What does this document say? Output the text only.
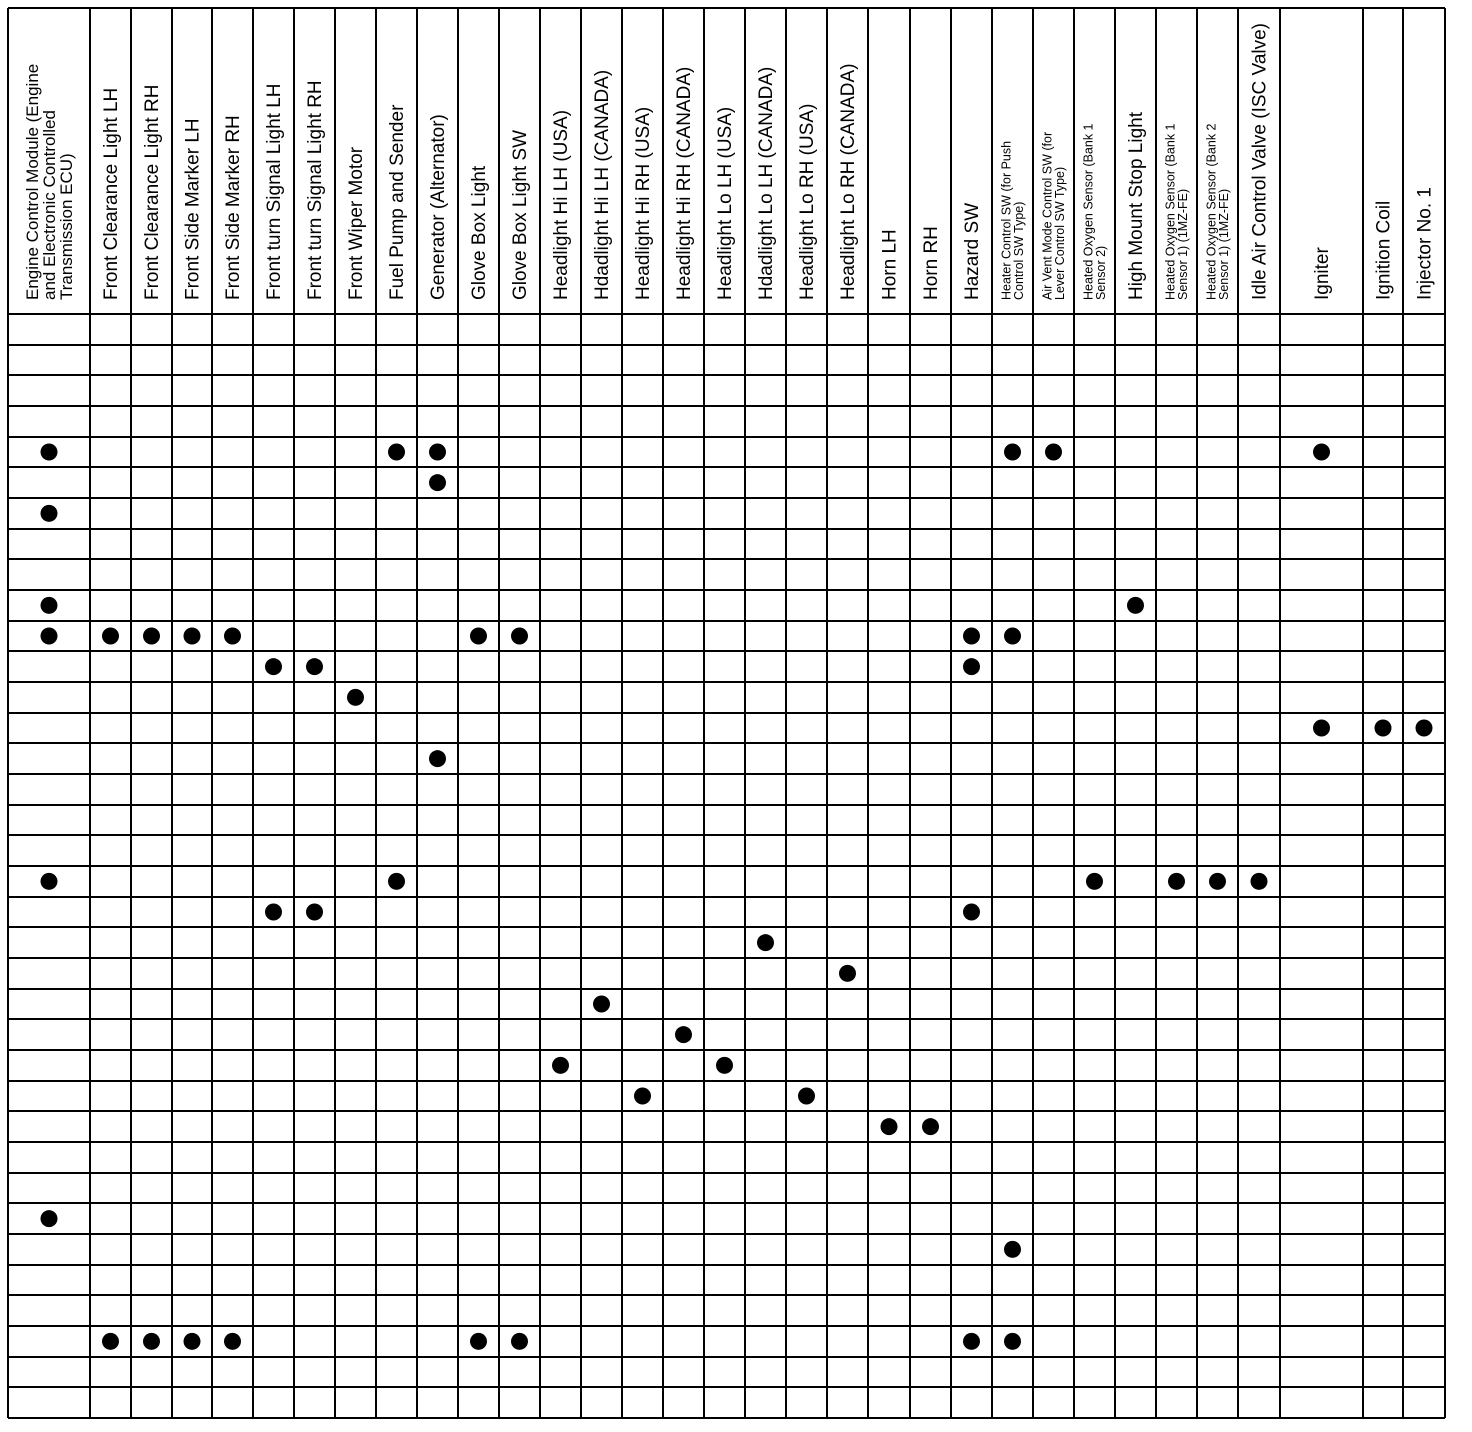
Engine Control Module (Engine
and Electronic Controlled
Transmission ECU) Front Clearance Light LH Front Clearance Light RH Front Side Marker LH Front Side Marker RH Front turn Signal Light LH Front turn Signal Light RH Front Wiper Motor Fuel Pump and Sender Generator (Alternator) Glove Box Light Glove Box Light SW Headlight Hi LH (USA) Hdadlight Hi LH (CANADA) Headlight Hi RH (USA) Headlight Hi RH (CANADA) Headlight Lo LH (USA) Hdadlight Lo LH (CANADA) Headlight Lo RH (USA) Headlight Lo RH (CANADA) Horn LH Horn RH Hazard SW Heater Control SW (for Push
Control SW Type) Air Vent Mode Control SW (for
Lever Control SW Type) Heated Oxygen Sensor (Bank 1
Sensor 2) High Mount Stop Light Heated Oxygen Sensor (Bank 1
Sensor 1) (1MZ-FE) Heated Oxygen Sensor (Bank 2
Sensor 1) (1MZ-FE) Idle Air Control Valve (ISC Valve) Igniter Ignition Coil Injector No. 1
